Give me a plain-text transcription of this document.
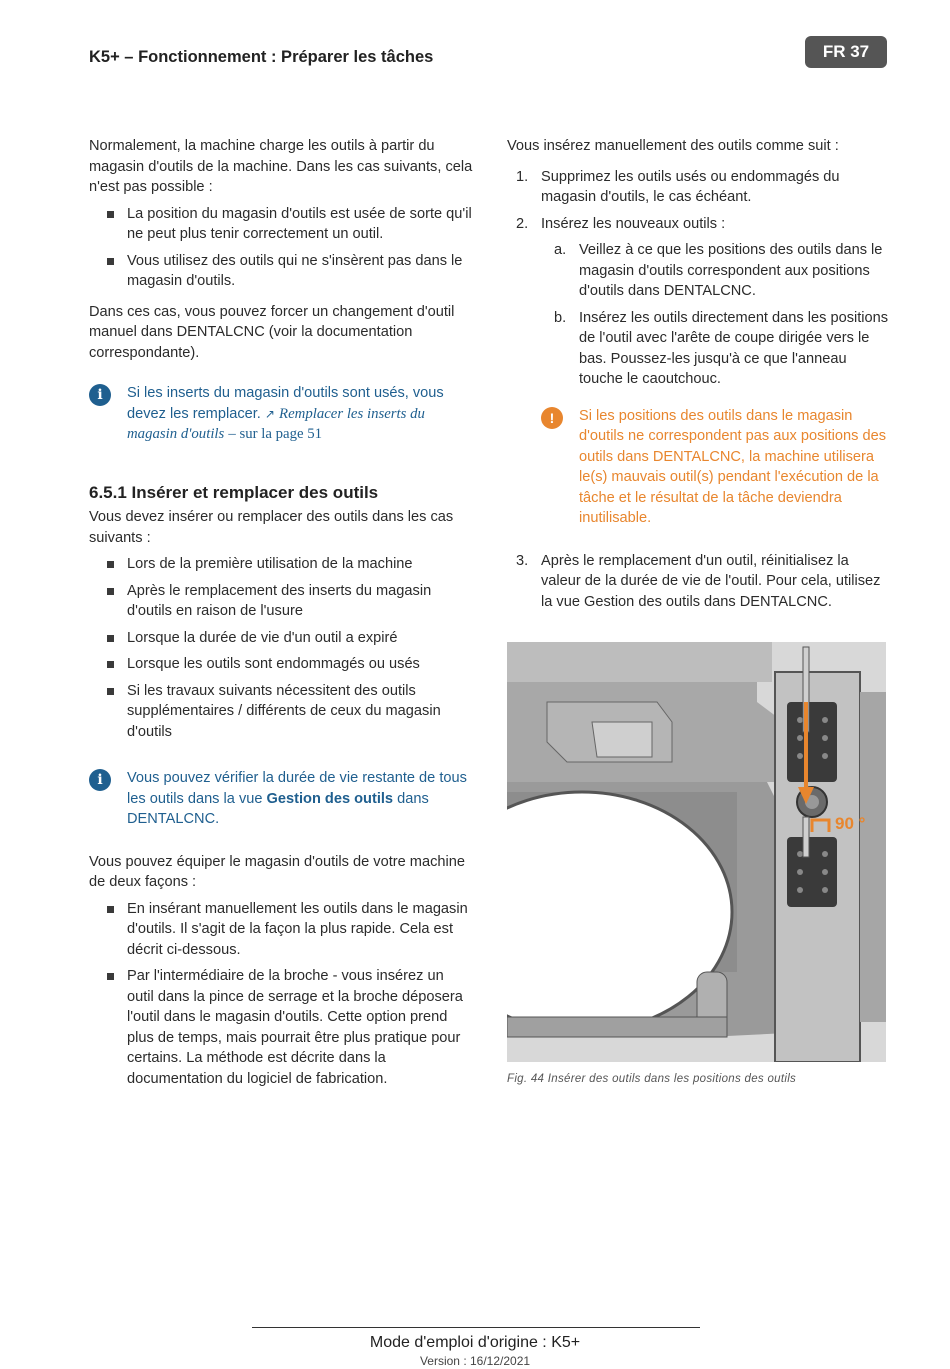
K5+ – Fonctionnement : Préparer les tâches	FR 37

Normalement, la machine charge les outils à partir du magasin d'outils de la machine. Dans les cas suivants, cela n'est pas possible :

La position du magasin d'outils est usée de sorte qu'il ne peut plus tenir correctement un outil.
Vous utilisez des outils qui ne s'insèrent pas dans le magasin d'outils.

Dans ces cas, vous pouvez forcer un changement d'outil manuel dans DENTALCNC (voir la documentation correspondante).

i	Si les inserts du magasin d'outils sont usés, vous devez les remplacer. ↗ Remplacer les inserts du magasin d'outils – sur la page 51
6.5.1 Insérer et remplacer des outils

Vous devez insérer ou remplacer des outils dans les cas suivants :

Lors de la première utilisation de la machine
Après le remplacement des inserts du magasin d'outils en raison de l'usure
Lorsque la durée de vie d'un outil a expiré
Lorsque les outils sont endommagés ou usés
Si les travaux suivants nécessitent des outils supplémentaires / différents de ceux du magasin d'outils
i	Vous pouvez vérifier la durée de vie restante de tous les outils dans la vue Gestion des outils dans DENTALCNC.

Vous pouvez équiper le magasin d'outils de votre machine de deux façons :

En insérant manuellement les outils dans le magasin d'outils. Il s'agit de la façon la plus rapide. Cela est décrit ci-dessous.
Par l'intermédiaire de la broche - vous insérez un outil dans la pince de serrage et la broche déposera l'outil dans le magasin d'outils. Cette option prend plus de temps, mais pourrait être plus pratique pour certains. La méthode est décrite dans la documentation du logiciel de fabrication.

Vous insérez manuellement des outils comme suit :

1. Supprimez les outils usés ou endommagés du magasin d'outils, le cas échéant.
2. Insérez les nouveaux outils :
a. Veillez à ce que les positions des outils dans le magasin d'outils correspondent aux positions d'outils dans DENTALCNC.
b. Insérez les outils directement dans les positions de l'outil avec l'arête de coupe dirigée vers le bas. Poussez-les jusqu'à ce que l'anneau touche le caoutchouc.
!	Si les positions des outils dans le magasin d'outils ne correspondent pas aux positions des outils dans DENTALCNC, la machine utilisera le(s) mauvais outil(s) pendant l'exécution de la tâche et le résultat de la tâche deviendra inutilisable.
3. Après le remplacement d'un outil, réinitialisez la valeur de la durée de vie de l'outil. Pour cela, utilisez la vue Gestion des outils dans DENTALCNC.
90 °
Fig. 44 Insérer des outils dans les positions des outils
Mode d'emploi d'origine : K5+
Version : 16/12/2021
